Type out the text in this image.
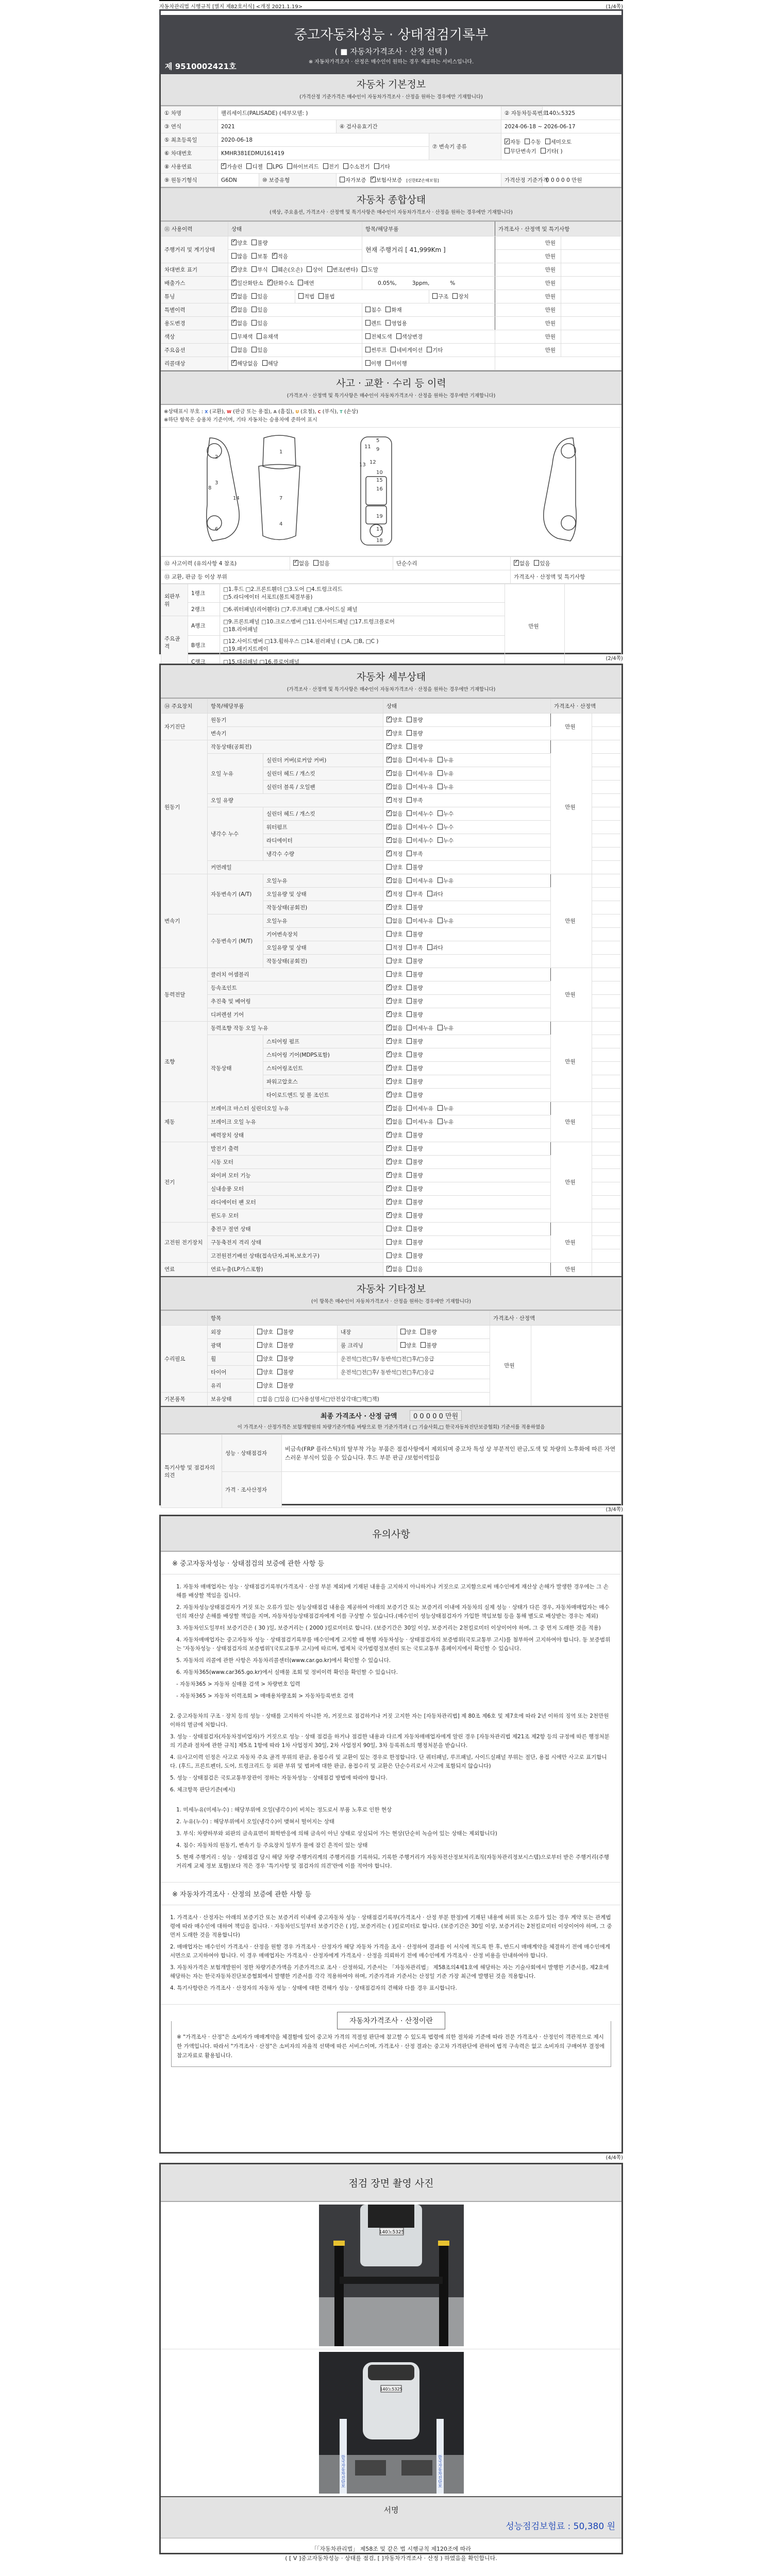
자동차관리법 시행규칙 [별지 제82호서식] <개정 2021.1.19>	(1/4쪽)
중고자동차성능 · 상태점검기록부
( ■ 자동차가격조사 · 산정 선택 )
※ 자동차가격조사 · 산정은 매수인이 원하는 경우 제공하는 서비스입니다.
제 9510002421호
자동차 기본정보
(가격산정 기준가격은 매수인이 자동차가격조사 · 산정을 원하는 경우에만 기재합니다)
① 차명	팰리세이드(PALISADE) (세부모델: )				② 자동차등록번호	140노5325
③ 연식	2021		④ 검사유효기간		2024-06-18 ~ 2026-06-17	
⑤ 최초등록일	2020-06-18			⑦ 변속기 종류	✓자동 수동 세미오토
무단변속기 기타( )
⑥ 차대번호	KMHR381EDMU161419					
⑧ 사용연료	✓가솔린 디젤 LPG 하이브리드 전기 수소전기 기타
⑨ 원동기형식	G6DN	⑩ 보증유형	자가보증 ✓ 보험사보증 [신한EZ손해보험]		가격산정 기준가격	0 0 0 0 0 만원
자동차 종합상태
(색상, 주요옵션, 가격조사 · 산정액 및 특기사항은 매수인이 자동차가격조사 · 산정을 원하는 경우에만 기재합니다)
⑪ 사용이력	상태		항목/해당부품		가격조사 · 산정액 및 특기사항	
주행거리 및 계기상태	✓양호 불량		현재 주행거리 [ 41,999Km ]		만원	
	많음 보통 ✓ 적음				만원	
차대번호 표기	✓양호 부식 훼손(오손) 상이 변조(변타) 도말				만원	
배출가스	✓일산화탄소 ✓ 탄화수소 매연		0.05%, 3ppm, %		만원	
튜닝	✓없음 있음	적법 불법		구조 장치	만원	
특별이력	✓없음 있음		침수 화재		만원	
용도변경	✓없음 있음		렌트 영업용		만원	
색상	무채색 유채색		전체도색 색상변경		만원	
주요옵션	없음 있음		썬루프 네비게이션 기타		만원	
리콜대상	✓해당없음 해당		이행 미이행			
사고 · 교환 · 수리 등 이력
(가격조사 · 산정액 및 특기사항은 매수인이 자동차가격조사 · 산정을 원하는 경우에만 기재합니다)
※상태표시 부호 : X (교환), W (판금 또는 용접), A (흠집), U (요철), C (부식), T (손상)
※하단 항목은 승용차 기준이며, 기타 자동차는 승용차에 준하여 표시
1
2
3
4
5
6
7
8
9
10
11
12
13
14
15
16
17
18
19
⑫ 사고이력 (유의사항 4 참조)	✓없음 있음	단순수리	✓없음 있음
⑬ 교환, 판금 등 이상 부위			가격조사 · 산정액 및 특기사항
외판부위	1랭크	□1.후드 □2.프론트휀더 □3.도어 □4.트렁크리드
□5.라디에이터 서포트(볼트체결부품)	만원	
	2랭크	□6.쿼터패널(리어휀다) □7.루프패널 □8.사이드실 패널		
주요골격	A랭크	□9.프론트패널 □10.크로스멤버 □11.인사이드패널 □17.트렁크플로어
□18.리어패널		

	B랭크	□12.사이드멤버 □13.휠하우스 □14.필러패널 ( □A, □B, □C )
□19.패키지트레이		

	C랭크	□15.대쉬패널 □16.플로어패널		
(2/4쪽)
자동차 세부상태
(가격조사 · 산정액 및 특기사항은 매수인이 자동차가격조사 · 산정을 원하는 경우에만 기재합니다)
⑭ 주요장치	항목/해당부품		상태	가격조사 · 산정액	
자기진단	원동기	✓양호 불량	만원	
	변속기	✓양호 불량	
원동기	작동상태(공회전)	✓양호 불량	만원	
	오일 누유	실린더 커버(로커암 커버)	✓없음 미세누유 누유	
		실린더 헤드 / 개스킷	✓없음 미세누유 누유	
		실린더 블록 / 오일팬	✓없음 미세누유 누유	
	오일 유량	✓적정 부족	
	냉각수 누수	실린더 헤드 / 개스킷	✓없음 미세누수 누수	
		워터펌프	✓없음 미세누수 누수	
		라디에이터	✓없음 미세누수 누수	
		냉각수 수량	✓적정 부족	
	커먼레일		양호 불량		
변속기	자동변속기 (A/T)	오일누유	✓없음 미세누유 누유	만원	
		오일유량 및 상태	✓적정 부족 과다	
		작동상태(공회전)	✓양호 불량	
	수동변속기 (M/T)	오일누유	없음 미세누유 누유		
		기어변속장치	양호 불량		
		오일유량 및 상태	적정 부족 과다		
		작동상태(공회전)	양호 불량		
동력전달	클러치 어셈블리		양호 불량	만원	
	등속조인트	✓양호 불량	
	추진축 및 베어링	✓양호 불량	
	디퍼렌셜 기어	✓양호 불량	
조향	동력조향 작동 오일 누유	✓없음 미세누유 누유	만원	
	작동상태	스티어링 펌프	✓양호 불량	
		스티어링 기어(MDPS포함)	✓양호 불량	
		스티어링조인트	✓양호 불량	
		파워고압호스	✓양호 불량	
		타이로드엔드 및 볼 조인트	✓양호 불량	
제동	브레이크 마스터 실린더오일 누유	✓없음 미세누유 누유	만원	
	브레이크 오일 누유	✓없음 미세누유 누유	
	배력장치 상태	✓양호 불량	
전기	발전기 출력	✓양호 불량	만원	
	시동 모터	✓양호 불량	
	와이퍼 모터 기능	✓양호 불량	
	실내송풍 모터	✓양호 불량	
	라디에이터 팬 모터	✓양호 불량	
	윈도우 모터	✓양호 불량	
고전원 전기장치	충전구 절연 상태		양호 불량	만원	
	구동축전지 격리 상태		양호 불량		
	고전원전기배선 상태(접속단자,피복,보호기구)		양호 불량		
연료	연료누출(LP가스포함)	✓없음 있음	만원	
자동차 기타정보
(이 항목은 매수인이 자동차가격조사 · 산정을 원하는 경우에만 기재합니다)
	항목				가격조사 · 산정액	
수리필요	외장	양호 불량	내장	양호 불량	만원	
	광택	양호 불량	룸 크리닝	양호 불량		
	휠	양호 불량	운전석□전□후/ 동반석□전□후/□응급			
	타이어	양호 불량	운전석□전□후/ 동반석□전□후/□응급			
	유리	양호 불량				
기본품목	보유상태	□없음 □있음 (□사용설명서□안전삼각대□잭□잭)				
최종 가격조사 · 산정 금액 0 0 0 0 0 만원
이 가격조사 · 산정가격은 보험개발원의 차량기준가액을 바탕으로 한 기준가격과 ( □ 기술사회,□ 한국자동차진단보증협회) 기준서를 적용하였음
특기사항 및 점검자의 의견	성능 · 상태점검자	비금속(FRP 플라스틱)의 탈부착 가능 부품은 점검사항에서 제외되며 중고차 특성 상 부분적인 판금,도색 및 차량의 노후화에 따른 자연스러운 부식이 있을 수 있습니다. 후드 부분 판금 /보험이력있음
	가격 · 조사산정자	
(3/4쪽)
유의사항
※ 중고자동차성능 · 상태점검의 보증에 관한 사항 등

1. 자동차 매매업자는 성능 · 상태점검기록부(가격조사 · 산정 부분 제외)에 기재된 내용을 고지하지 아니하거나 거짓으로 고지함으로써 매수인에게 재산상 손해가 발생한 경우에는 그 손해를 배상할 책임을 집니다.

2. 자동차성능상태점검자가 거짓 또는 오류가 있는 성능상태점검 내용을 제공하여 아래의 보증기간 또는 보증거리 이내에 자동차의 실제 성능 · 상태가 다른 경우, 자동차매매업자는 매수인의 재산상 손해를 배상할 책임을 지며, 자동차성능상태점검자에게 이를 구상할 수 있습니다.(매수인이 성능상태점검자가 가입한 책임보험 등을 통해 별도로 배상받는 경우는 제외)

3. 자동차인도일부터 보증기간은 ( 30 )일, 보증거리는 ( 2000 )킬로미터로 합니다. (보증기간은 30일 이상, 보증거리는 2천킬로미터 이상이어야 하며, 그 중 먼저 도래한 것을 적용)

4. 자동차매매업자는 중고자동차 성능 · 상태점검기록부를 매수인에게 고지할 때 현행 자동차성능 · 상태점검자의 보증범위(국토교통부 고시)를 첨부하여 고지하여야 합니다. 동 보증범위는 '자동차성능 · 상태점검자의 보증범위'(국토교통부 고시)에 따르며, 법제처 국가법령정보센터 또는 국토교통부 홈페이지에서 확인할 수 있습니다.

5. 자동차의 리콜에 관한 사항은 자동차리콜센터(www.car.go.kr)에서 확인할 수 있습니다.

6. 자동차365(www.car365.go.kr)에서 실매물 조회 및 정비이력 확인을 확인할 수 있습니다.

- 자동차365 > 자동차 실매물 검색 > 차량번호 입력

- 자동차365 > 자동차 이력조회 > 매매용차량조회 > 자동차등록번호 검색

2. 중고자동차의 구조 · 장치 등의 성능 · 상태를 고지하지 아니한 자, 거짓으로 점검하거나 거짓 고지한 자는 [자동차관리법] 제 80조 제6호 및 제7호에 따라 2년 이하의 징역 또는 2천만원 이하의 벌금에 처합니다.

3. 성능 · 상태점검자(자동차정비업자)가 거짓으로 성능 · 상태 점검을 하거나 점검한 내용과 다르게 자동차매매업자에게 알린 경우 [자동차관리법 제21조 제2항 등의 규정에 따른 행정처분의 기준과 절차에 관한 규칙] 제5조 1항에 따라 1차 사업정지 30일, 2차 사업정지 90일, 3차 등록취소의 행정처분을 받습니다.

4. ⑫사고이력 인정은 사고로 자동차 주요 골격 부위의 판금, 용접수리 및 교환이 있는 경우로 한정합니다. 단 쿼터패널, 루프패널, 사이드실패널 부위는 절단, 용접 시에만 사고로 표기합니다. (후드, 프론트펜더, 도어, 트렁크리드 등 외판 부위 및 범퍼에 대한 판금, 용접수리 및 교환은 단순수리로서 사고에 포함되지 않습니다)

5. 성능 · 상태점검은 국토교통부장관이 정하는 자동차성능 · 상태점검 방법에 따라야 합니다.

6. 체크항목 판단기준(예시)

1. 미세누유(미세누수) : 해당부위에 오일(냉각수)이 비치는 정도로서 부품 노후로 인한 현상

2. 누유(누수) : 해당부위에서 오일(냉각수)이 맺혀서 떨어지는 상태

3. 부식: 차량하부와 외판의 금속표면이 화학반응에 의해 금속이 아닌 상태로 상실되어 가는 현상(단순히 녹슬어 있는 상태는 제외합니다)

4. 침수: 자동차의 원동기, 변속기 등 주요장치 일부가 물에 잠긴 흔적이 있는 상태

5. 현재 주행거리 : 성능 · 상태점검 당시 해당 차량 주행거리계의 주행거리를 기록하되, 기록한 주행거리가 자동차전산정보처리조직(자동차관리정보시스템)으로부터 받은 주행거리(주행거리계 교체 정보 포함)보다 적은 경우 '특기사항 및 점검자의 의견'란에 이를 적어야 합니다.

※ 자동차가격조사 · 산정의 보증에 관한 사항 등

1. 가격조사 · 산정자는 아래의 보증기간 또는 보증거리 이내에 중고자동차 성능 · 상태점검기록부(가격조사 · 산정 부분 한정)에 기재된 내용에 허위 또는 오류가 있는 경우 계약 또는 관계법령에 따라 매수인에 대하여 책임을 집니다. · 자동차인도일부터 보증기간은 ( )일, 보증거리는 ( )킬로미터로 합니다. (보증기간은 30일 이상, 보증거리는 2천킬로미터 이상이어야 하며, 그 중 먼저 도래한 것을 적용합니다)

2. 매매업자는 매수인이 가격조사 · 산정을 원할 경우 가격조사 · 산정자가 해당 자동차 가격을 조사 · 산정하여 결과를 이 서식에 적도록 한 후, 반드시 매매계약을 체결하기 전에 매수인에게 서면으로 고지하여야 합니다. 이 경우 매매업자는 가격조사 · 산정자에게 가격조사 · 산정을 의뢰하기 전에 매수인에게 가격조사 · 산정 비용을 안내하여야 합니다.

3. 자동차가격은 보험개발원이 정한 차량기준가액을 기준가격으로 조사 · 산정하되, 기준서는 「자동차관리법」 제58조의4제1호에 해당하는 자는 기술사회에서 발행한 기준서를, 제2호에 해당하는 자는 한국자동차진단보증협회에서 발행한 기준서를 각각 적용하여야 하며, 기준가격과 기준서는 산정일 기준 가장 최근에 발행된 것을 적용합니다.

4. 특기사항란은 가격조사 · 산정자의 자동차 성능 · 상태에 대한 견해가 성능 · 상태점검자의 견해와 다를 경우 표시합니다.

자동차가격조사 · 산정이란
※ "가격조사 · 산정"은 소비자가 매매계약을 체결함에 있어 중고차 가격의 적절성 판단에 참고할 수 있도록 법령에 의한 절차와 기준에 따라 전문 가격조사 · 산정인이 객관적으로 제시한 가액입니다. 따라서 "가격조사 · 산정"은 소비자의 자율적 선택에 따른 서비스이며, 가격조사 · 산정 결과는 중고차 가격판단에 관하여 법적 구속력은 없고 소비자의 구매여부 결정에 참고자료로 활용됩니다.
(4/4쪽)
점검 장면 촬영 사진
140노5325
140노5325
한국자동차진단보	한국자동차진단보
서명
성능점검보험료 : 50,380 원
「「자동차관리법」 제58조 및 같은 법 시행규칙 제120조에 따라
( [ V ]중고자동차성능 · 상태를 점검, [ ]자동차가격조사 · 산정 ) 하였음을 확인합니다.
